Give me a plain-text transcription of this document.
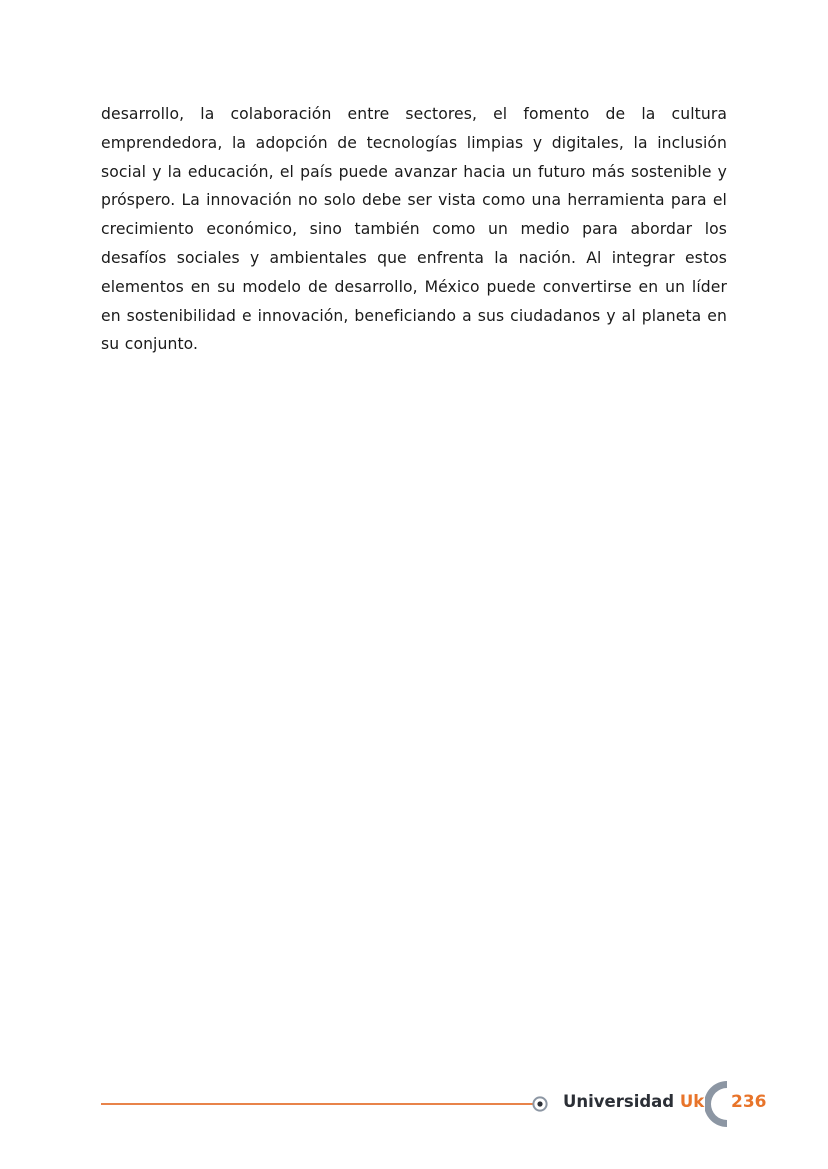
desarrollo, la colaboración entre sectores, el fomento de la cultura emprendedora, la adopción de tecnologías limpias y digitales, la inclusión social y la educación, el país puede avanzar hacia un futuro más sostenible y próspero. La innovación no solo debe ser vista como una herramienta para el crecimiento económico, sino también como un medio para abordar los desafíos sociales y ambientales que enfrenta la nación. Al integrar estos elementos en su modelo de desarrollo, México puede convertirse en un líder en sostenibilidad e innovación, beneficiando a sus ciudadanos y al planeta en su conjunto.

Universidad Uk 236
